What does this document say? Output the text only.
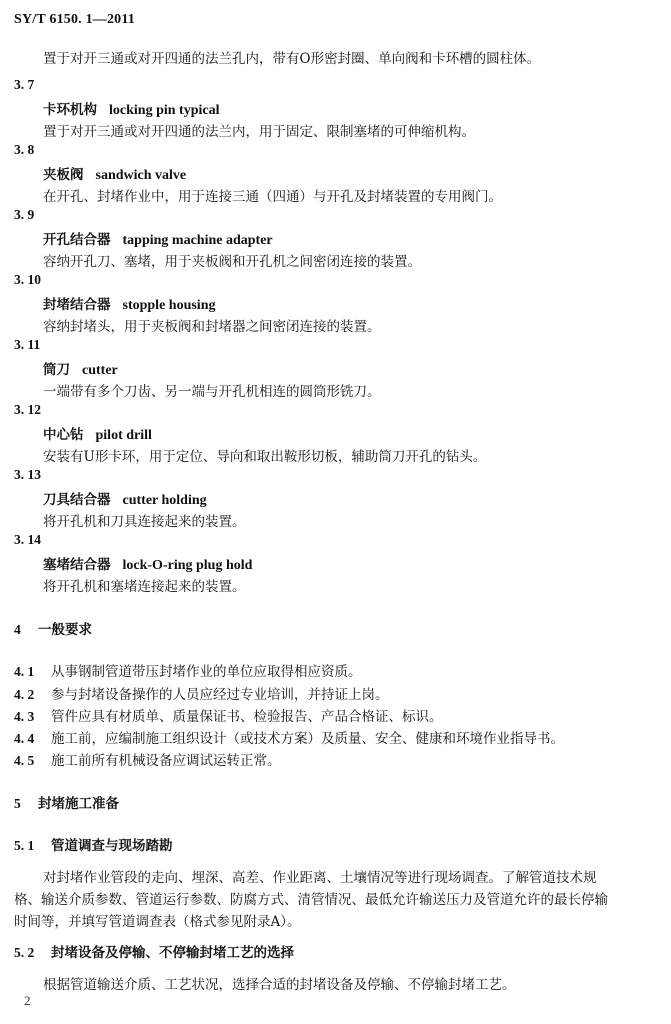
SY/T 6150. 1—2011
置于对开三通或对开四通的法兰孔内，带有O形密封圈、单向阀和卡环槽的圆柱体。
3. 7
卡环机构 locking pin typical
置于对开三通或对开四通的法兰内，用于固定、限制塞堵的可伸缩机构。
3. 8
夹板阀 sandwich valve
在开孔、封堵作业中，用于连接三通（四通）与开孔及封堵装置的专用阀门。
3. 9
开孔结合器 tapping machine adapter
容纳开孔刀、塞堵，用于夹板阀和开孔机之间密闭连接的装置。
3. 10
封堵结合器 stopple housing
容纳封堵头，用于夹板阀和封堵器之间密闭连接的装置。
3. 11
筒刀 cutter
一端带有多个刀齿、另一端与开孔机相连的圆筒形铣刀。
3. 12
中心钻 pilot drill
安装有U形卡环，用于定位、导向和取出鞍形切板，辅助筒刀开孔的钻头。
3. 13
刀具结合器 cutter holding
将开孔机和刀具连接起来的装置。
3. 14
塞堵结合器 lock-O-ring plug hold
将开孔机和塞堵连接起来的装置。
4 一般要求
4. 1 从事钢制管道带压封堵作业的单位应取得相应资质。
4. 2 参与封堵设备操作的人员应经过专业培训，并持证上岗。
4. 3 管件应具有材质单、质量保证书、检验报告、产品合格证、标识。
4. 4 施工前，应编制施工组织设计（或技术方案）及质量、安全、健康和环境作业指导书。
4. 5 施工前所有机械设备应调试运转正常。
5 封堵施工准备
5. 1 管道调查与现场踏勘
对封堵作业管段的走向、埋深、高差、作业距离、土壤情况等进行现场调查。了解管道技术规
格、输送介质参数、管道运行参数、防腐方式、清管情况、最低允许输送压力及管道允许的最长停输
时间等，并填写管道调查表（格式参见附录A）。
5. 2 封堵设备及停输、不停输封堵工艺的选择
根据管道输送介质、工艺状况，选择合适的封堵设备及停输、不停输封堵工艺。
2
